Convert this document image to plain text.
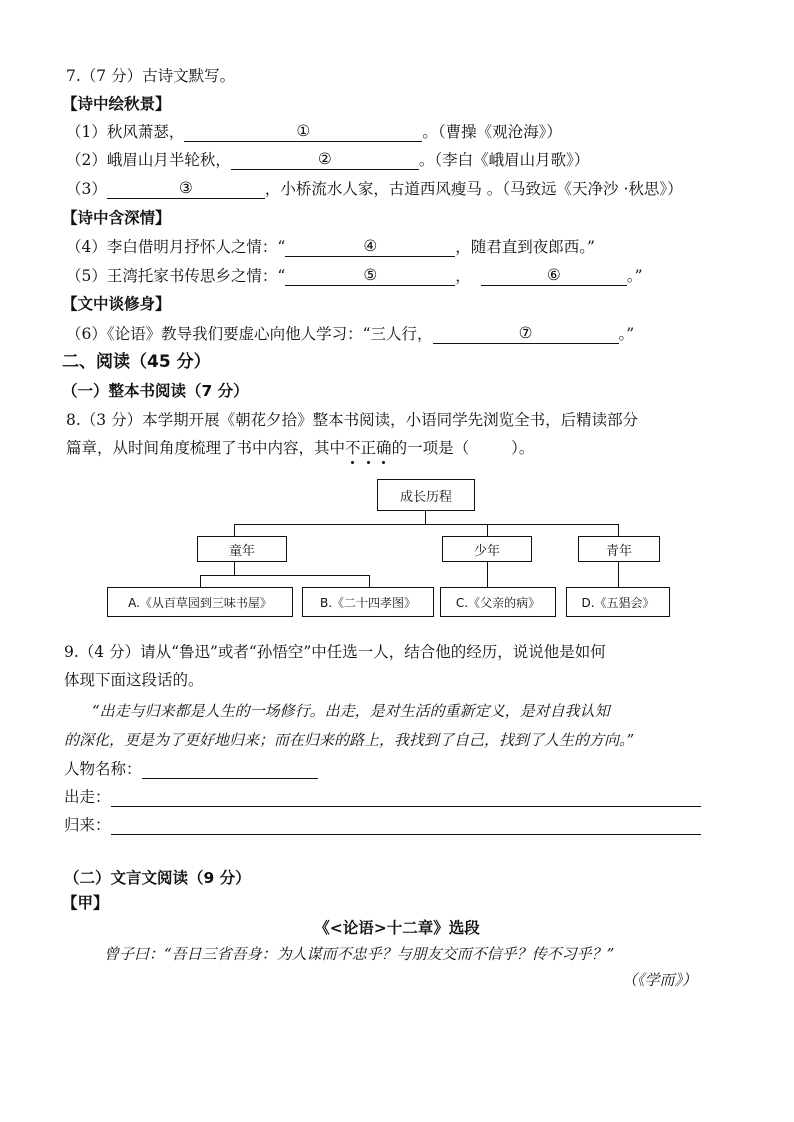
7.（7 分）古诗文默写。
【诗中绘秋景】
（1）秋风萧瑟，	①	。（曹操《观沧海》）
（2）峨眉山月半轮秋，	②	。（李白《峨眉山月歌》）
（3）	③	，小桥流水人家，古道西风瘦马 。（马致远《天净沙 ·秋思》）
【诗中含深情】
（4）李白借明月抒怀人之情：“	④	，随君直到夜郎西。”
（5）王湾托家书传思乡之情：“	⑤	，	⑥	。”
【文中谈修身】
（6）《论语》教导我们要虚心向他人学习：“三人行，	⑦	。”
二、阅读（45 分）
（一）整本书阅读（7 分）
8.（3 分）本学期开展《朝花夕拾》整本书阅读，小语同学先浏览全书，后精读部分
篇章，从时间角度梳理了书中内容，其中不正确的一项是（	）。
成长历程
童年	少年	青年
A.《从百草园到三味书屋》	B.《二十四孝图》	C.《父亲的病》	D.《五猖会》
9.（4 分）请从“鲁迅”或者“孙悟空”中任选一人，结合他的经历，说说他是如何
体现下面这段话的。
“出走与归来都是人生的一场修行。出走，是对生活的重新定义，是对自我认知
的深化，更是为了更好地归来；而在归来的路上，我找到了自己，找到了人生的方向。”
人物名称：
出走：
归来：
（二）文言文阅读（9 分）
【甲】
《<论语>十二章》选段
曾子曰：“吾日三省吾身：为人谋而不忠乎？与朋友交而不信乎？传不习乎？”
（《学而》）
